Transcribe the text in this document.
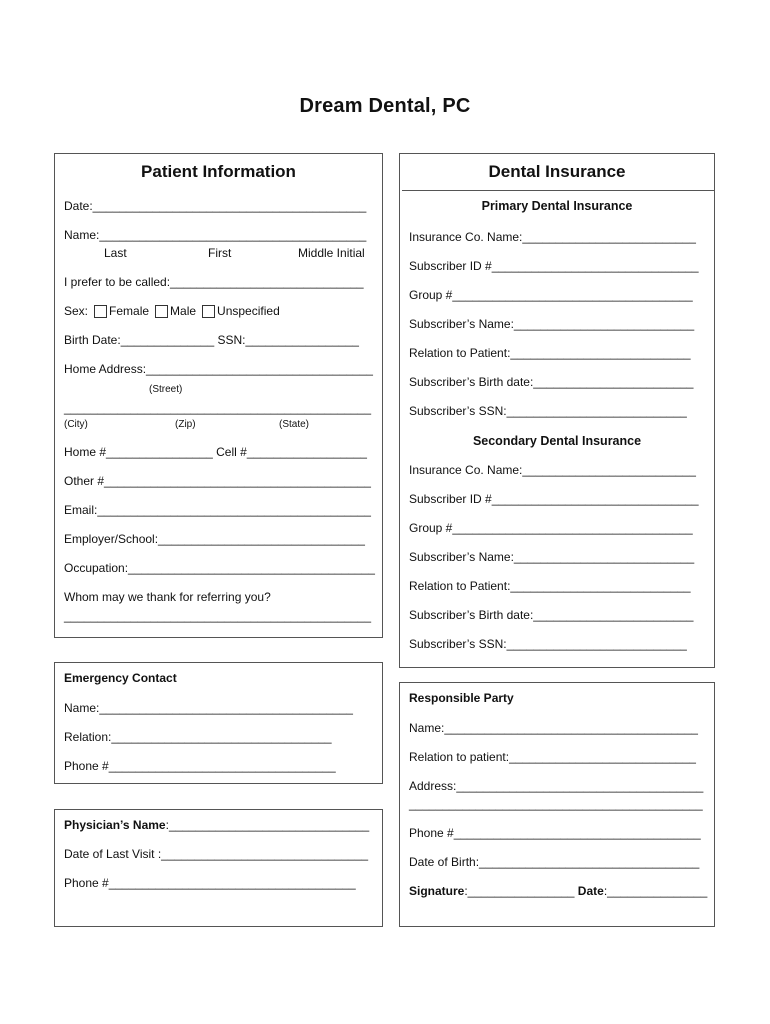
Dream Dental, PC
Patient Information
Date:_________________________________________
Name:________________________________________
Last	First	Middle Initial
I prefer to be called:_____________________________
Sex: Female Male Unspecified
Birth Date:______________ SSN:_________________
Home Address:__________________________________
(Street)
______________________________________________
(City)	(Zip)	(State)
Home #________________ Cell #__________________
Other #________________________________________
Email:_________________________________________
Employer/School:_______________________________
Occupation:_____________________________________
Whom may we thank for referring you?
______________________________________________
Dental Insurance
Primary Dental Insurance
Insurance Co. Name:__________________________
Subscriber ID #_______________________________
Group #____________________________________
Subscriber’s Name:___________________________
Relation to Patient:___________________________
Subscriber’s Birth date:________________________
Subscriber’s SSN:___________________________
Secondary Dental Insurance
Insurance Co. Name:__________________________
Subscriber ID #_______________________________
Group #____________________________________
Subscriber’s Name:___________________________
Relation to Patient:___________________________
Subscriber’s Birth date:________________________
Subscriber’s SSN:___________________________
Emergency Contact
Name:______________________________________
Relation:_________________________________
Phone #__________________________________
Physician’s Name:______________________________
Date of Last Visit :_______________________________
Phone #_____________________________________
Responsible Party
Name:______________________________________
Relation to patient:____________________________
Address:_____________________________________
____________________________________________
Phone #_____________________________________
Date of Birth:_________________________________
Signature:________________ Date:_______________
